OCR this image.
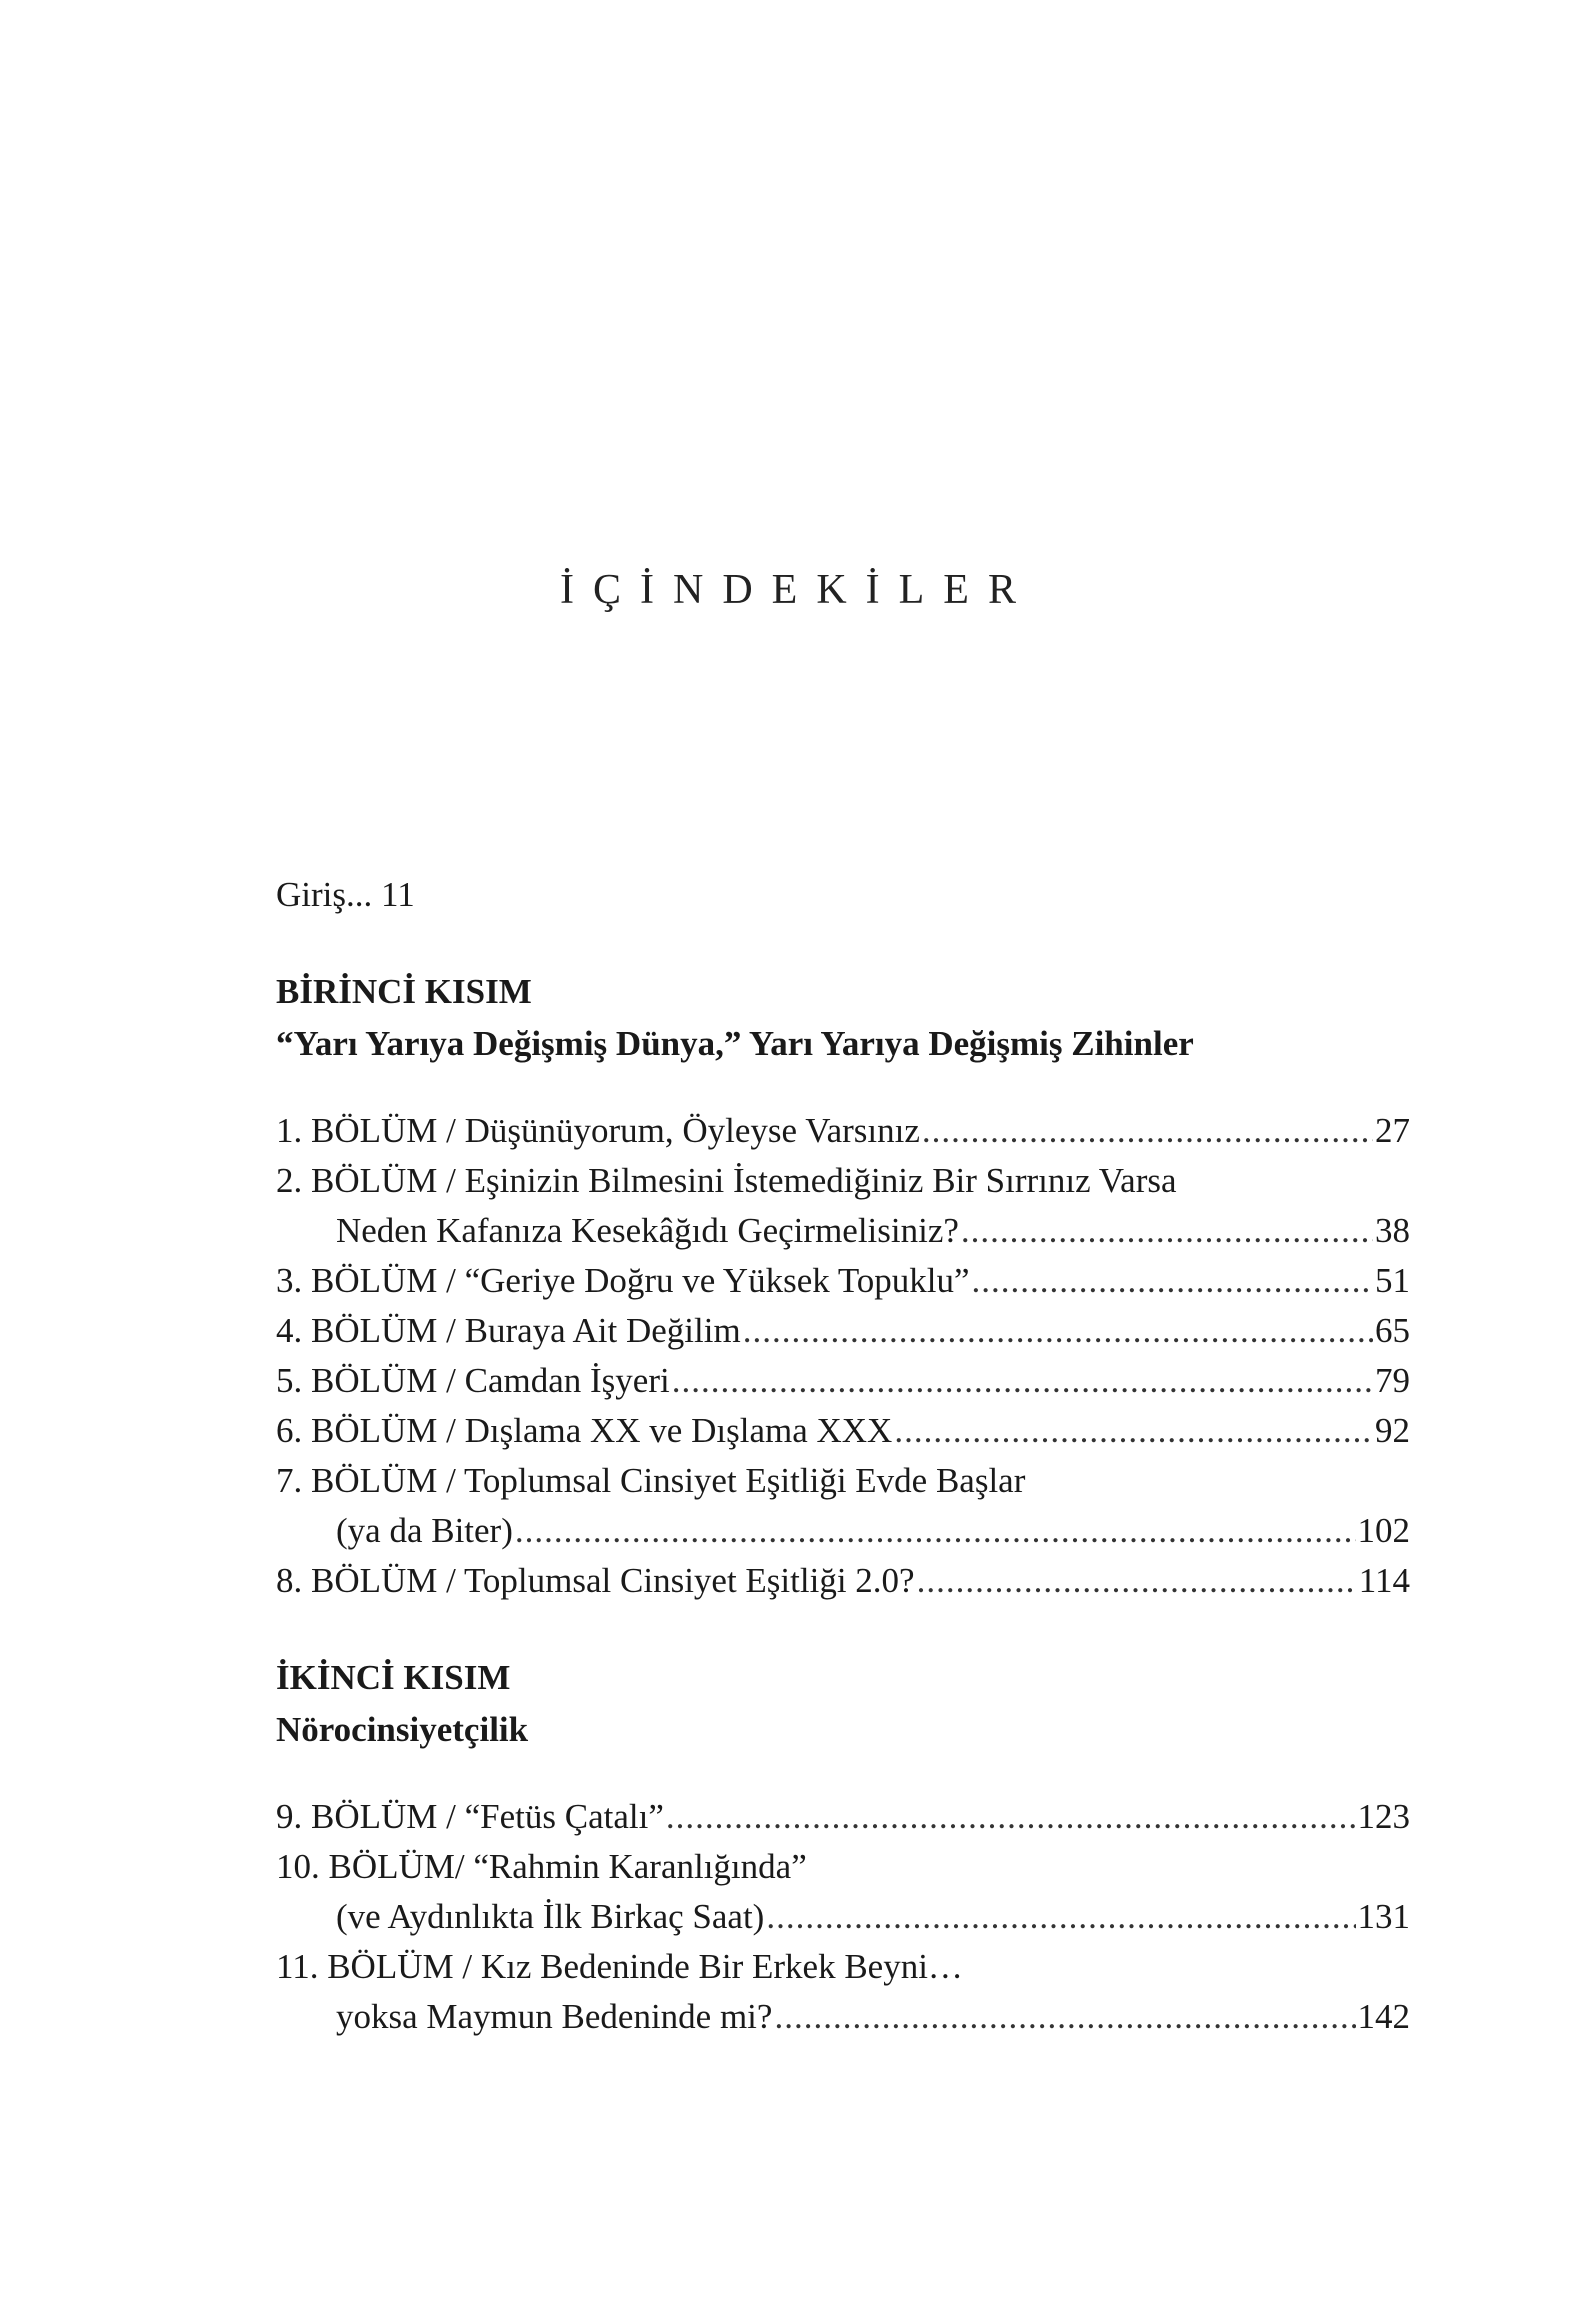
İÇİNDEKİLER
Giriş... 11
BİRİNCİ KISIM
“Yarı Yarıya Değişmiş Dünya,” Yarı Yarıya Değişmiş Zihinler
1. BÖLÜM / Düşünüyorum, Öyleyse Varsınız .....	27
2. BÖLÜM / Eşinizin Bilmesini İstemediğiniz Bir Sırrınız Varsa
Neden Kafanıza Kesekâğıdı Geçirmelisiniz? .....	38
3. BÖLÜM / “Geriye Doğru ve Yüksek Topuklu” .....	51
4. BÖLÜM / Buraya Ait Değilim .....	65
5. BÖLÜM / Camdan İşyeri .....	79
6. BÖLÜM / Dışlama XX ve Dışlama XXX .....	92
7. BÖLÜM / Toplumsal Cinsiyet Eşitliği Evde Başlar
(ya da Biter) .....	102
8. BÖLÜM / Toplumsal Cinsiyet Eşitliği 2.0? .....	114
İKİNCİ KISIM
Nörocinsiyetçilik
9. BÖLÜM / “Fetüs Çatalı” .....	123
10. BÖLÜM/ “Rahmin Karanlığında”
(ve Aydınlıkta İlk Birkaç Saat) .....	131
11. BÖLÜM / Kız Bedeninde Bir Erkek Beyni…
yoksa Maymun Bedeninde mi? .....	142
